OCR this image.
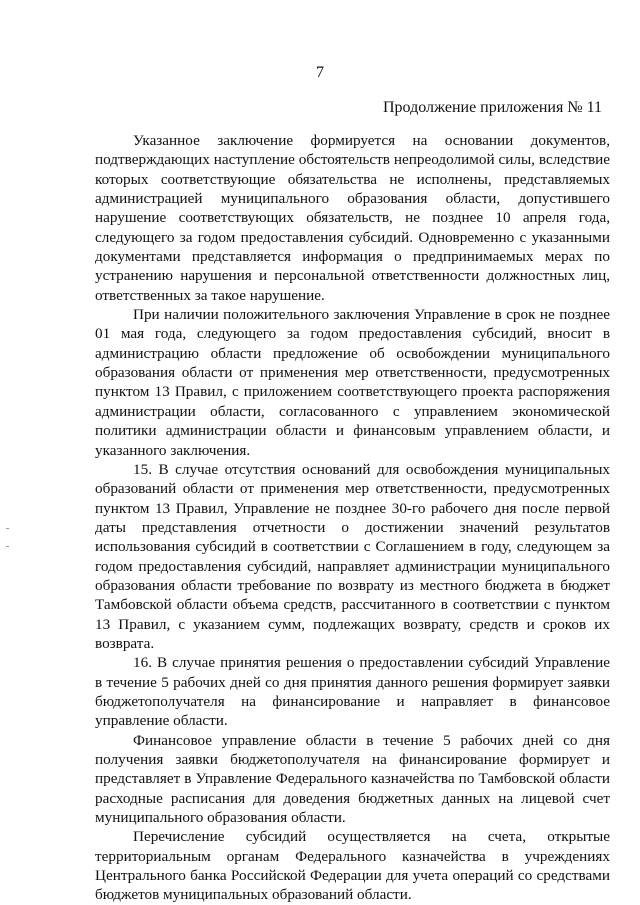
7
Продолжение приложения № 11

Указанное заключение формируется на основании документов, подтверждающих наступление обстоятельств непреодолимой силы, вследствие которых соответствующие обязательства не исполнены, представляемых администрацией муниципального образования области, допустившего нарушение соответствующих обязательств, не позднее 10 апреля года, следующего за годом предоставления субсидий. Одновременно с указанными документами представляется информация о предпринимаемых мерах по устранению нарушения и персональной ответственности должностных лиц, ответственных за такое нарушение.

При наличии положительного заключения Управление в срок не позднее 01 мая года, следующего за годом предоставления субсидий, вносит в администрацию области предложение об освобождении муниципального образования области от применения мер ответственности, предусмотренных пунктом 13 Правил, с приложением соответствующего проекта распоряжения администрации области, согласованного с управлением экономической политики администрации области и финансовым управлением области, и указанного заключения.

15. В случае отсутствия оснований для освобождения муниципальных образований области от применения мер ответственности, предусмотренных пунктом 13 Правил, Управление не позднее 30-го рабочего дня после первой даты представления отчетности о достижении значений результатов использования субсидий в соответствии с Соглашением в году, следующем за годом предоставления субсидий, направляет администрации муниципального образования области требование по возврату из местного бюджета в бюджет Тамбовской области объема средств, рассчитанного в соответствии с пунктом 13 Правил, с указанием сумм, подлежащих возврату, средств и сроков их возврата.

16. В случае принятия решения о предоставлении субсидий Управление в течение 5 рабочих дней со дня принятия данного решения формирует заявки бюджетополучателя на финансирование и направляет в финансовое управление области.

Финансовое управление области в течение 5 рабочих дней со дня получения заявки бюджетополучателя на финансирование формирует и представляет в Управление Федерального казначейства по Тамбовской области расходные расписания для доведения бюджетных данных на лицевой счет муниципального образования области.

Перечисление субсидий осуществляется на счета, открытые территориальным органам Федерального казначейства в учреждениях Центрального банка Российской Федерации для учета операций со средствами бюджетов муниципальных образований области.
